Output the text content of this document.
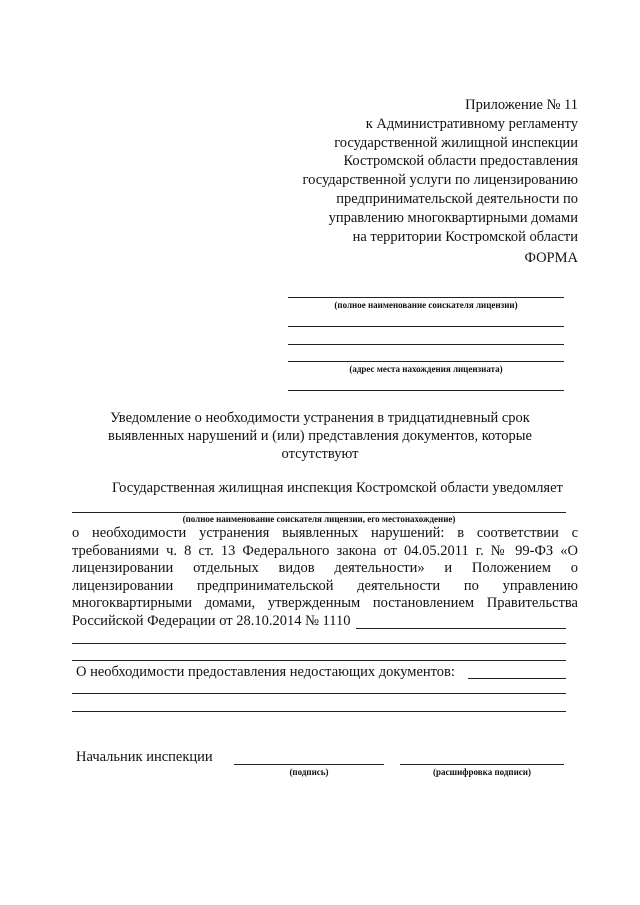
Приложение № 11
к Административному регламенту
государственной жилищной инспекции
Костромской области предоставления
государственной услуги по лицензированию
предпринимательской деятельности по
управлению многоквартирными домами
на территории Костромской области
ФОРМА
(полное наименование соискателя лицензии)
(адрес места нахождения лицензиата)
Уведомление о необходимости устранения в тридцатидневный срок
выявленных нарушений и (или) представления документов, которые
отсутствуют
Государственная жилищная инспекция Костромской области уведомляет
(полное наименование соискателя лицензии, его местонахождение)
о необходимости устранения выявленных нарушений: в соответствии с
требованиями ч. 8 ст. 13 Федерального закона от 04.05.2011 г. № 99-ФЗ «О
лицензировании отдельных видов деятельности» и Положением о
лицензировании предпринимательской деятельности по управлению
многоквартирными домами, утвержденным постановлением Правительства
Российской Федерации от 28.10.2014 № 1110
О необходимости предоставления недостающих документов:
Начальник инспекции
(подпись)	(расшифровка подписи)
